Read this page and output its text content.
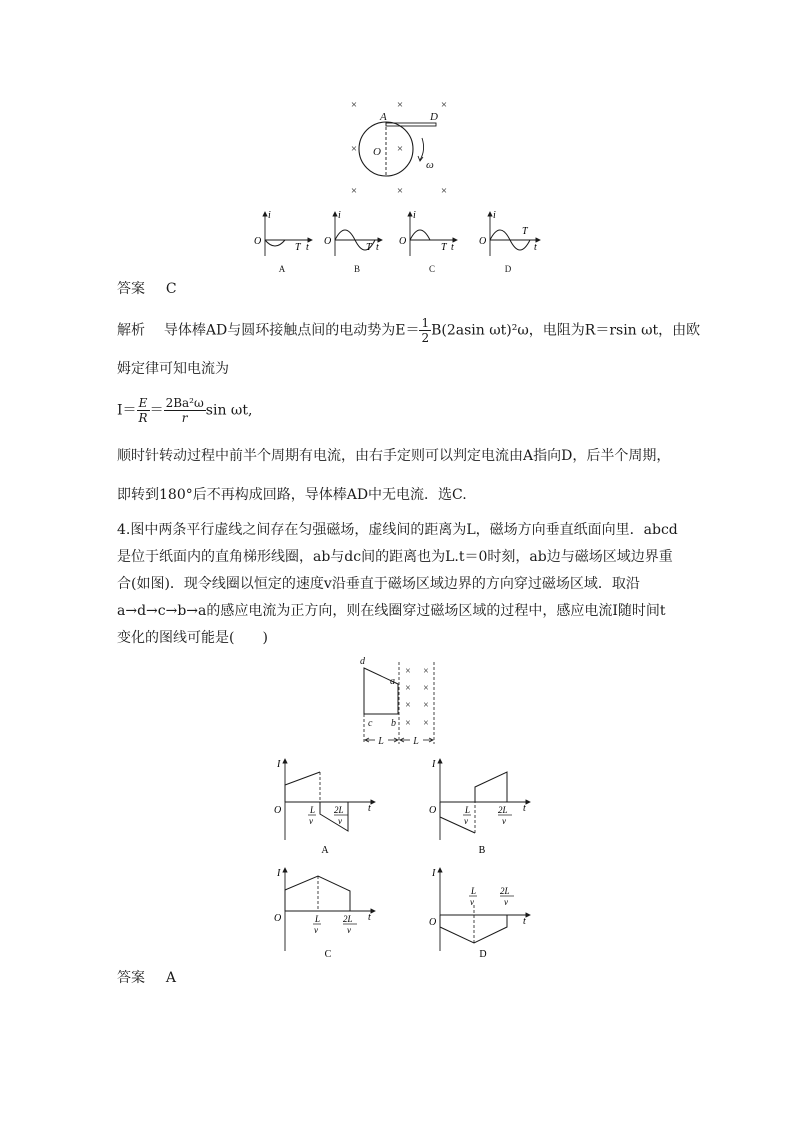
×	×	×
×	×
×	×	×
A	D
O
ω
O
i
T t
O
i
T t
O
i
T t
O
i
T
t
A	B	C	D
答案 C
解析 导体棒AD与圆环接触点间的电动势为$E= \frac{1}{2} B(2asin$ ωt)²ω，电阻为R＝rsin ωt，由欧
姆定律可知电流为
$I= \frac{E}{R} = \frac{\text{2Ba²ω}}{r}$ sin ωt,
顺时针转动过程中前半个周期有电流，由右手定则可以判定电流由A指向D，后半个周期，
即转到180°后不再构成回路，导体棒AD中无电流．选C.
4.图中两条平行虚线之间存在匀强磁场，虚线间的距离为L，磁场方向垂直纸面向里．abcd
是位于纸面内的直角梯形线圈，ab与dc间的距离也为L.t＝0时刻，ab边与磁场区域边界重
合(如图)．现令线圈以恒定的速度v沿垂直于磁场区域边界的方向穿过磁场区域．取沿
a→d→c→b→a的感应电流为正方向，则在线圈穿过磁场区域的过程中，感应电流I随时间t
变化的图线可能是(　　)
× ×
× ×
× ×
× ×
d
a
c b
L	L
O
I
t
L
v
2L
v
A
O
I
t
L
v
2L
v
B
O
I
t
L
v
2L
v
C
O
I
t
L
v
2L
v
D
答案 A
